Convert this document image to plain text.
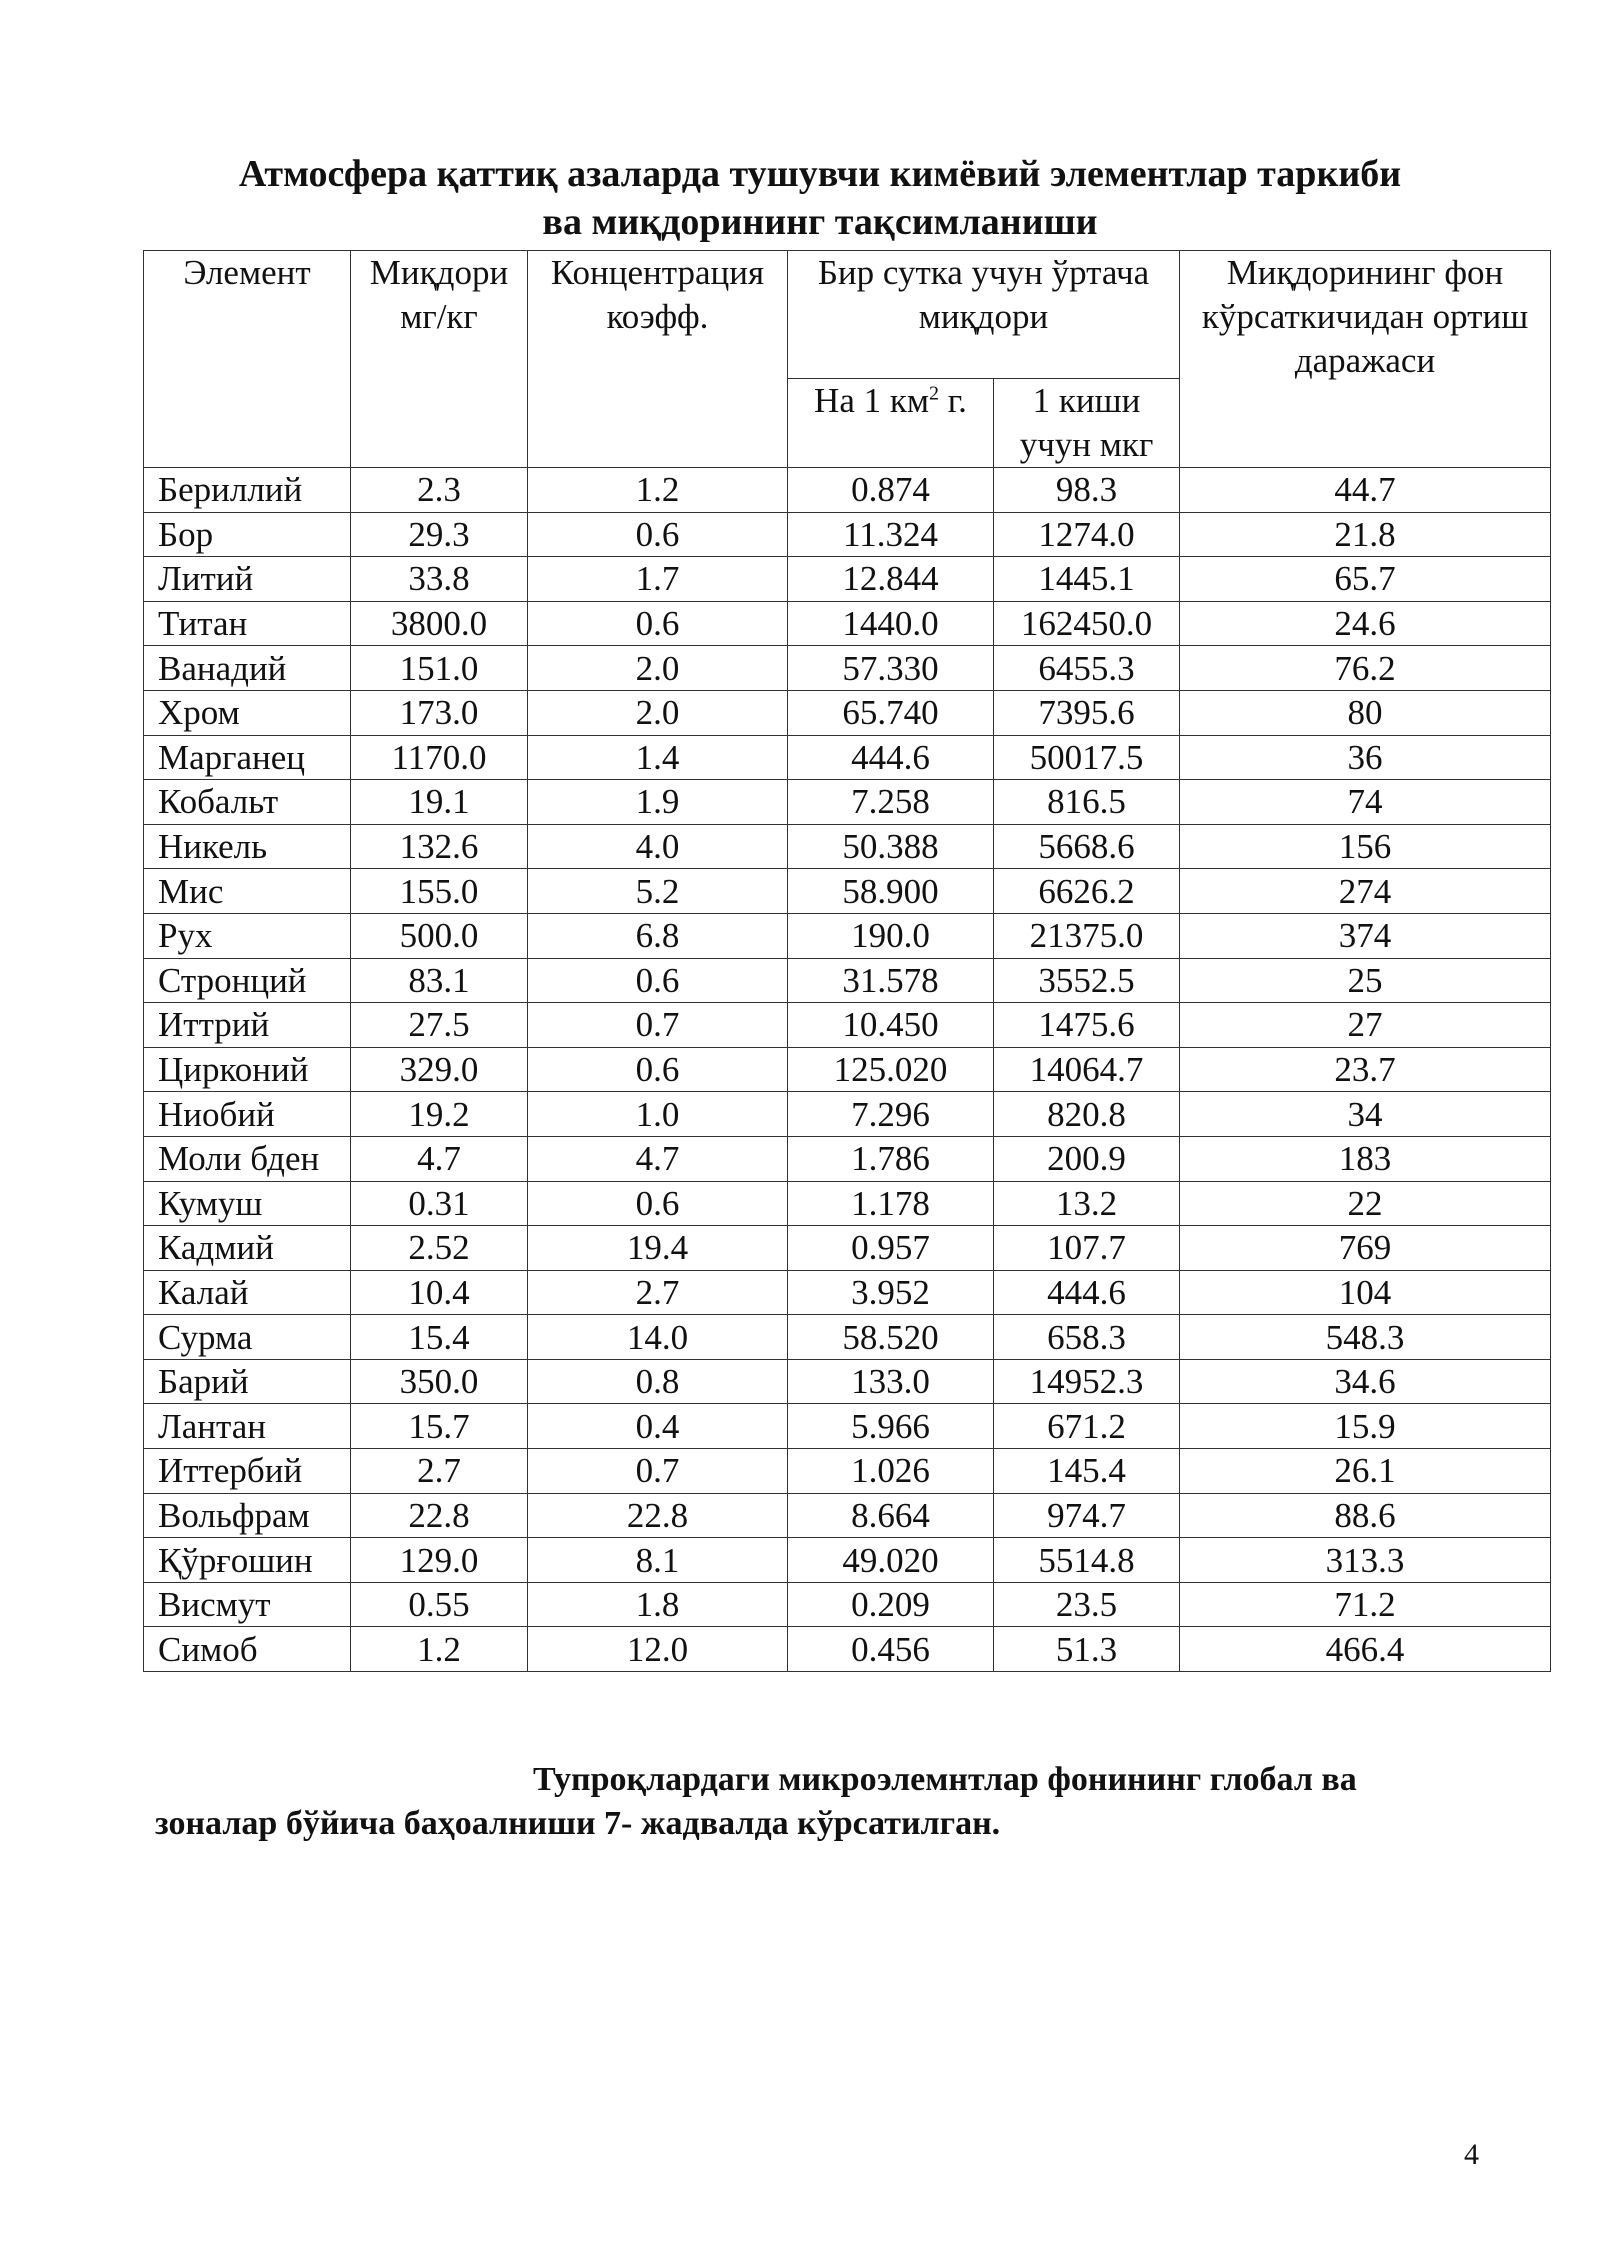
Атмосфера қаттиқ азаларда тушувчи кимёвий элементлар таркиби
ва миқдорининг тақсимланиши
Элемент	Миқдори мг/кг	Концентрация коэфф.	Бир сутка учун ўртача миқдори		Миқдорининг фон кўрсаткичидан ортиш даражаси
			На 1 $км^2$ г.	1 киши учун мкг	
Бериллий	2.3	1.2	0.874	98.3	44.7
Бор	29.3	0.6	11.324	1274.0	21.8
Литий	33.8	1.7	12.844	1445.1	65.7
Титан	3800.0	0.6	1440.0	162450.0	24.6
Ванадий	151.0	2.0	57.330	6455.3	76.2
Хром	173.0	2.0	65.740	7395.6	80
Марганец	1170.0	1.4	444.6	50017.5	36
Кобальт	19.1	1.9	7.258	816.5	74
Никель	132.6	4.0	50.388	5668.6	156
Мис	155.0	5.2	58.900	6626.2	274
Рух	500.0	6.8	190.0	21375.0	374
Стронций	83.1	0.6	31.578	3552.5	25
Иттрий	27.5	0.7	10.450	1475.6	27
Цирконий	329.0	0.6	125.020	14064.7	23.7
Ниобий	19.2	1.0	7.296	820.8	34
Моли бден	4.7	4.7	1.786	200.9	183
Кумуш	0.31	0.6	1.178	13.2	22
Кадмий	2.52	19.4	0.957	107.7	769
Калай	10.4	2.7	3.952	444.6	104
Сурма	15.4	14.0	58.520	658.3	548.3
Барий	350.0	0.8	133.0	14952.3	34.6
Лантан	15.7	0.4	5.966	671.2	15.9
Иттербий	2.7	0.7	1.026	145.4	26.1
Вольфрам	22.8	22.8	8.664	974.7	88.6
Қўрғошин	129.0	8.1	49.020	5514.8	313.3
Висмут	0.55	1.8	0.209	23.5	71.2
Симоб	1.2	12.0	0.456	51.3	466.4

Тупроқлардаги микроэлемнтлар фонининг глобал ва
зоналар бўйича баҳоалниши 7- жадвалда кўрсатилган.

4
